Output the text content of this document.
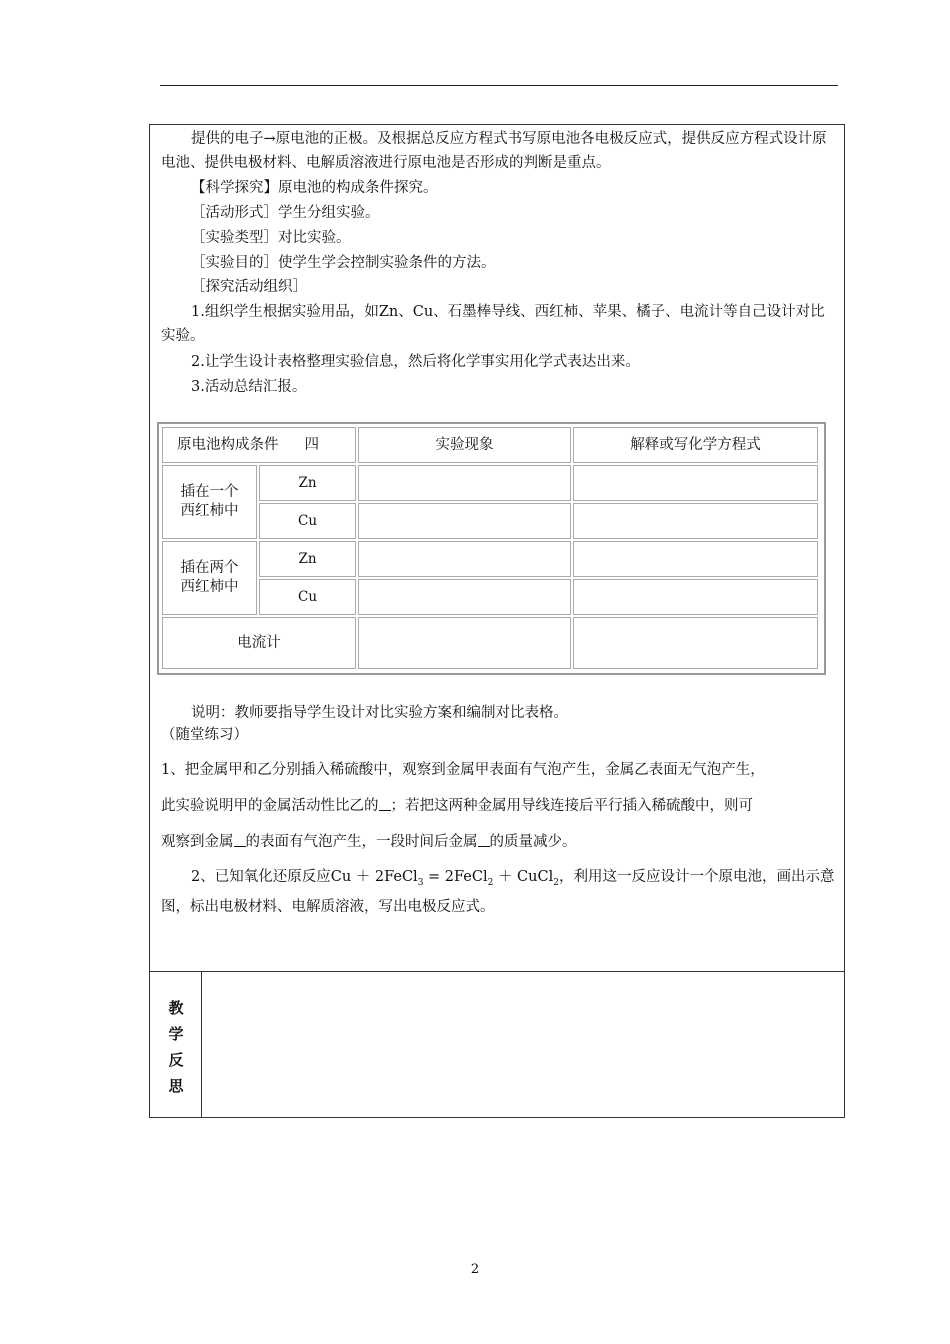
提供的电子→原电池的正极。及根据总反应方程式书写原电池各电极反应式，提供反应方程式设计原电池、提供电极材料、电解质溶液进行原电池是否形成的判断是重点。
【科学探究】原电池的构成条件探究。
［活动形式］学生分组实验。
［实验类型］对比实验。
［实验目的］使学生学会控制实验条件的方法。
［探究活动组织］
1.组织学生根据实验用品，如Zn、Cu、石墨棒导线、西红柿、苹果、橘子、电流计等自己设计对比实验。
2.让学生设计表格整理实验信息，然后将化学事实用化学式表达出来。
3.活动总结汇报。
原电池构成条件 四	实验现象	解释或写化学方程式
插在一个
西红柿中
Zn
Cu
插在两个
西红柿中
Zn
Cu
电流计
说明：教师要指导学生设计对比实验方案和编制对比表格。
（随堂练习）
1、把金属甲和乙分别插入稀硫酸中，观察到金属甲表面有气泡产生，金属乙表面无气泡产生，
此实验说明甲的金属活动性比乙的 ；若把这两种金属用导线连接后平行插入稀硫酸中，则可
观察到金属 的表面有气泡产生，一段时间后金属 的质量减少。
2、已知氧化还原反应Cu ＋ 2FeCl$_3$ = 2FeCl$_2$ ＋ CuCl$_2$，利用这一反应设计一个原电池，画出示意图，标出电极材料、电解质溶液，写出电极反应式。
教
学
反
思
2
